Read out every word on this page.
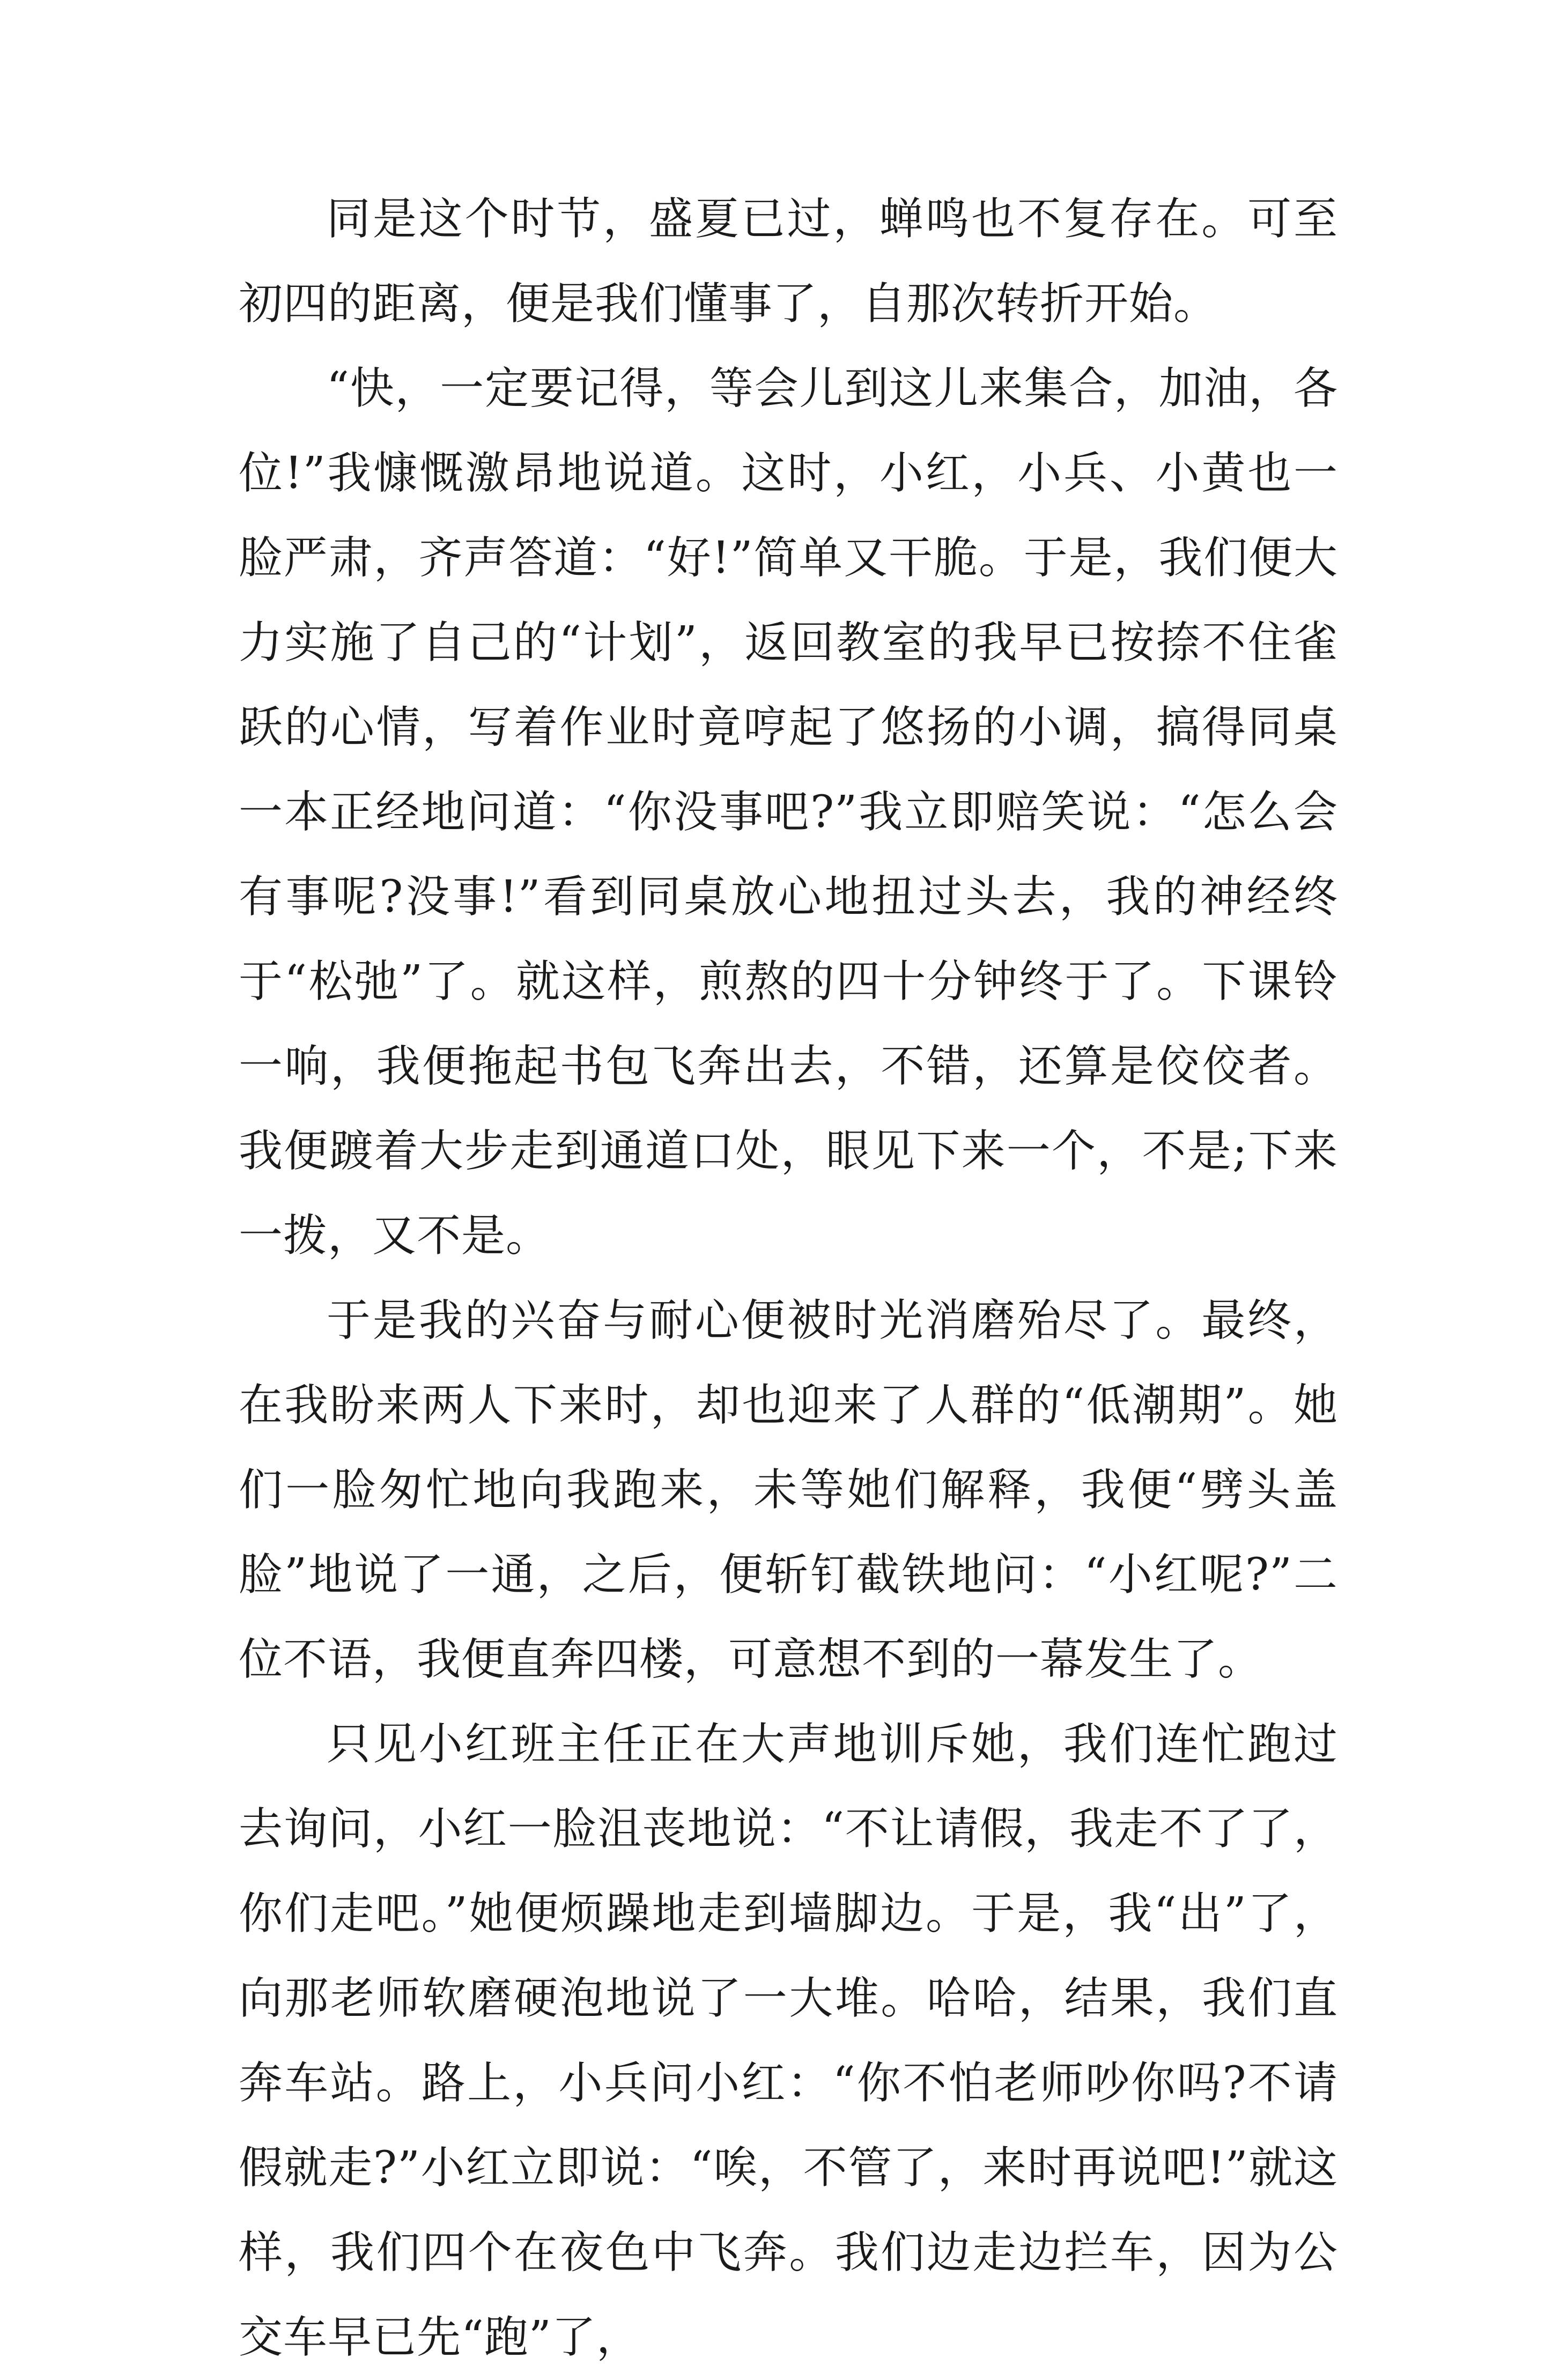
同是这个时节，盛夏已过，蝉鸣也不复存在。可至初四的距离，便是我们懂事了，自那次转折开始。

“快，一定要记得，等会儿到这儿来集合，加油，各位!”我慷慨激昂地说道。这时，小红，小兵、小黄也一脸严肃，齐声答道：“好!”简单又干脆。于是，我们便大力实施了自己的“计划”，返回教室的我早已按捺不住雀跃的心情，写着作业时竟哼起了悠扬的小调，搞得同桌一本正经地问道：“你没事吧?”我立即赔笑说：“怎么会有事呢?没事!”看到同桌放心地扭过头去，我的神经终于“松弛”了。就这样，煎熬的四十分钟终于了。下课铃一响，我便拖起书包飞奔出去，不错，还算是佼佼者。我便踱着大步走到通道口处，眼见下来一个，不是;下来一拨，又不是。

于是我的兴奋与耐心便被时光消磨殆尽了。最终，在我盼来两人下来时，却也迎来了人群的“低潮期”。她们一脸匆忙地向我跑来，未等她们解释，我便“劈头盖脸”地说了一通，之后，便斩钉截铁地问：“小红呢?”二位不语，我便直奔四楼，可意想不到的一幕发生了。

只见小红班主任正在大声地训斥她，我们连忙跑过去询问，小红一脸沮丧地说：“不让请假，我走不了了，你们走吧。”她便烦躁地走到墙脚边。于是，我“出”了，向那老师软磨硬泡地说了一大堆。哈哈，结果，我们直奔车站。路上，小兵问小红：“你不怕老师吵你吗?不请假就走?”小红立即说：“唉，不管了，来时再说吧!”就这样，我们四个在夜色中飞奔。我们边走边拦车，因为公交车早已先“跑”了，
